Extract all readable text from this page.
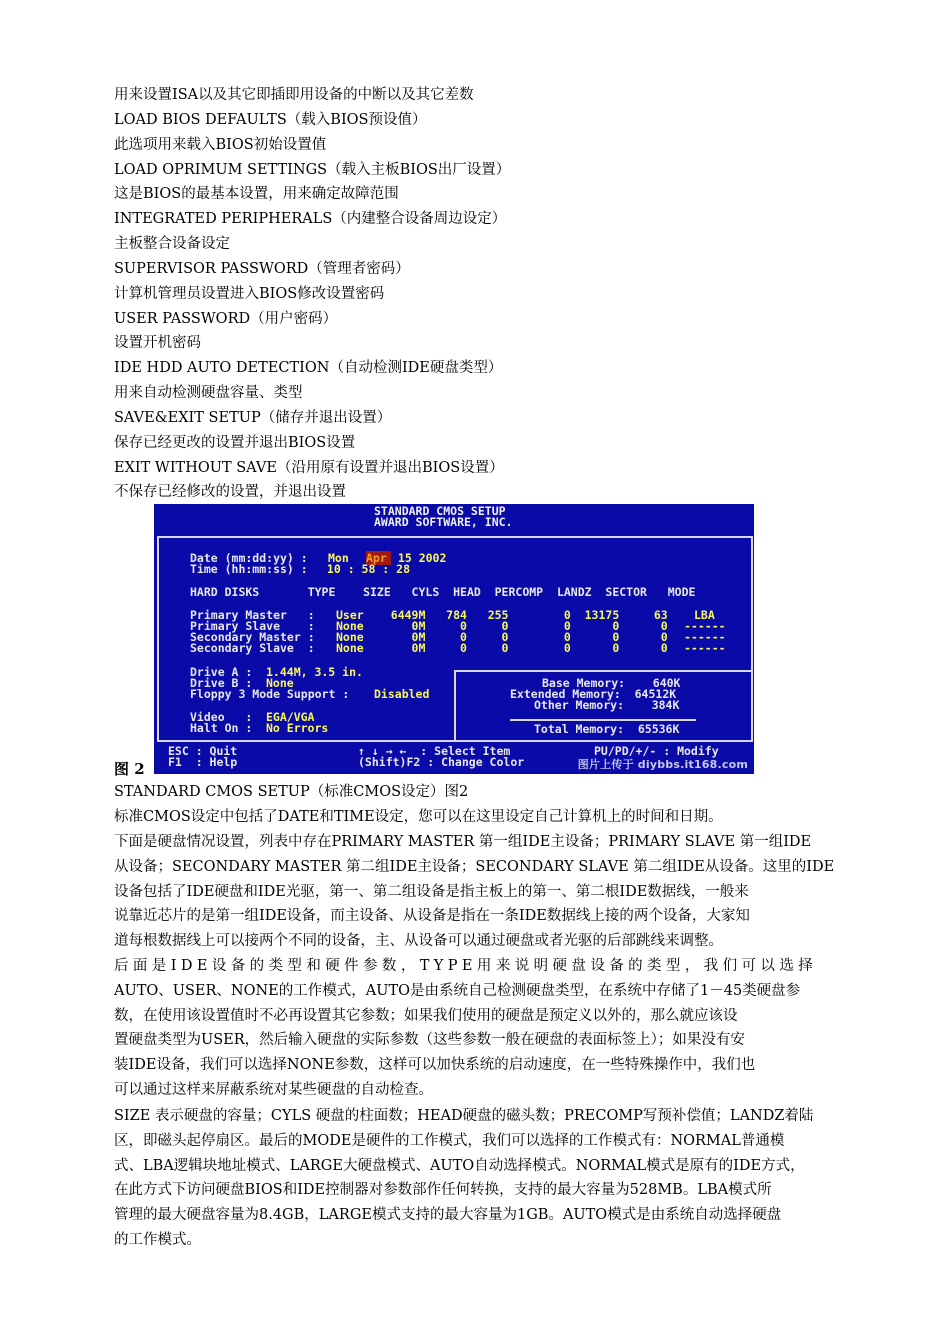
用来设置ISA以及其它即插即用设备的中断以及其它差数
LOAD BIOS DEFAULTS（载入BIOS预设值）
此选项用来载入BIOS初始设置值
LOAD OPRIMUM SETTINGS（载入主板BIOS出厂设置）
这是BIOS的最基本设置，用来确定故障范围
INTEGRATED PERIPHERALS（内建整合设备周边设定）
主板整合设备设定
SUPERVISOR PASSWORD（管理者密码）
计算机管理员设置进入BIOS修改设置密码
USER PASSWORD（用户密码）
设置开机密码
IDE HDD AUTO DETECTION（自动检测IDE硬盘类型）
用来自动检测硬盘容量、类型
SAVE&EXIT SETUP（储存并退出设置）
保存已经更改的设置并退出BIOS设置
EXIT WITHOUT SAVE（沿用原有设置并退出BIOS设置）
不保存已经修改的设置，并退出设置
图 2
STANDARD CMOS SETUP
AWARD SOFTWARE, INC.
Date (mm:dd:yy) : Mon Apr 15 2002
Time (hh:mm:ss) : 10 : 58 : 28
HARD DISKS       TYPE    SIZE   CYLS  HEAD  PERCOMP  LANDZ  SECTOR   MODE
Primary Master   : User 6449M   784   255        0  13175     63 LBA
Primary Slave    : None 0M     0     0        0      0      0 ------
Secondary Master : None 0M     0     0        0      0      0 ------
Secondary Slave  : None 0M     0     0        0      0      0 ------
Drive A : 1.44M, 3.5 in.
Drive B : None
Floppy 3 Mode Support : Disabled
Video   : EGA/VGA
Halt On : No Errors
Base Memory:    640K
Extended Memory:  64512K
Other Memory:    384K
Total Memory:  65536K
ESC : Quit
F1  : Help
↑ ↓ → ←  : Select Item
(Shift)F2 : Change Color
PU/PD/+/- : Modify
图片上传于 diybbs.it168.com
STANDARD CMOS SETUP（标准CMOS设定）图2
标准CMOS设定中包括了DATE和TIME设定，您可以在这里设定自己计算机上的时间和日期。
下面是硬盘情况设置，列表中存在PRIMARY MASTER 第一组IDE主设备；PRIMARY SLAVE 第一组IDE
从设备；SECONDARY MASTER 第二组IDE主设备；SECONDARY SLAVE 第二组IDE从设备。这里的IDE
设备包括了IDE硬盘和IDE光驱，第一、第二组设备是指主板上的第一、第二根IDE数据线，一般来
说靠近芯片的是第一组IDE设备，而主设备、从设备是指在一条IDE数据线上接的两个设备，大家知
道每根数据线上可以接两个不同的设备，主、从设备可以通过硬盘或者光驱的后部跳线来调整。
后面是IDE设备的类型和硬件参数，TYPE用来说明硬盘设备的类型，我们可以选择
AUTO、USER、NONE的工作模式，AUTO是由系统自己检测硬盘类型，在系统中存储了1－45类硬盘参
数，在使用该设置值时不必再设置其它参数；如果我们使用的硬盘是预定义以外的，那么就应该设
置硬盘类型为USER，然后输入硬盘的实际参数（这些参数一般在硬盘的表面标签上）；如果没有安
装IDE设备，我们可以选择NONE参数，这样可以加快系统的启动速度，在一些特殊操作中，我们也
可以通过这样来屏蔽系统对某些硬盘的自动检查。
SIZE 表示硬盘的容量；CYLS 硬盘的柱面数；HEAD硬盘的磁头数；PRECOMP写预补偿值；LANDZ着陆
区，即磁头起停扇区。最后的MODE是硬件的工作模式，我们可以选择的工作模式有：NORMAL普通模
式、LBA逻辑块地址模式、LARGE大硬盘模式、AUTO自动选择模式。NORMAL模式是原有的IDE方式，
在此方式下访问硬盘BIOS和IDE控制器对参数部作任何转换，支持的最大容量为528MB。LBA模式所
管理的最大硬盘容量为8.4GB，LARGE模式支持的最大容量为1GB。AUTO模式是由系统自动选择硬盘
的工作模式。
